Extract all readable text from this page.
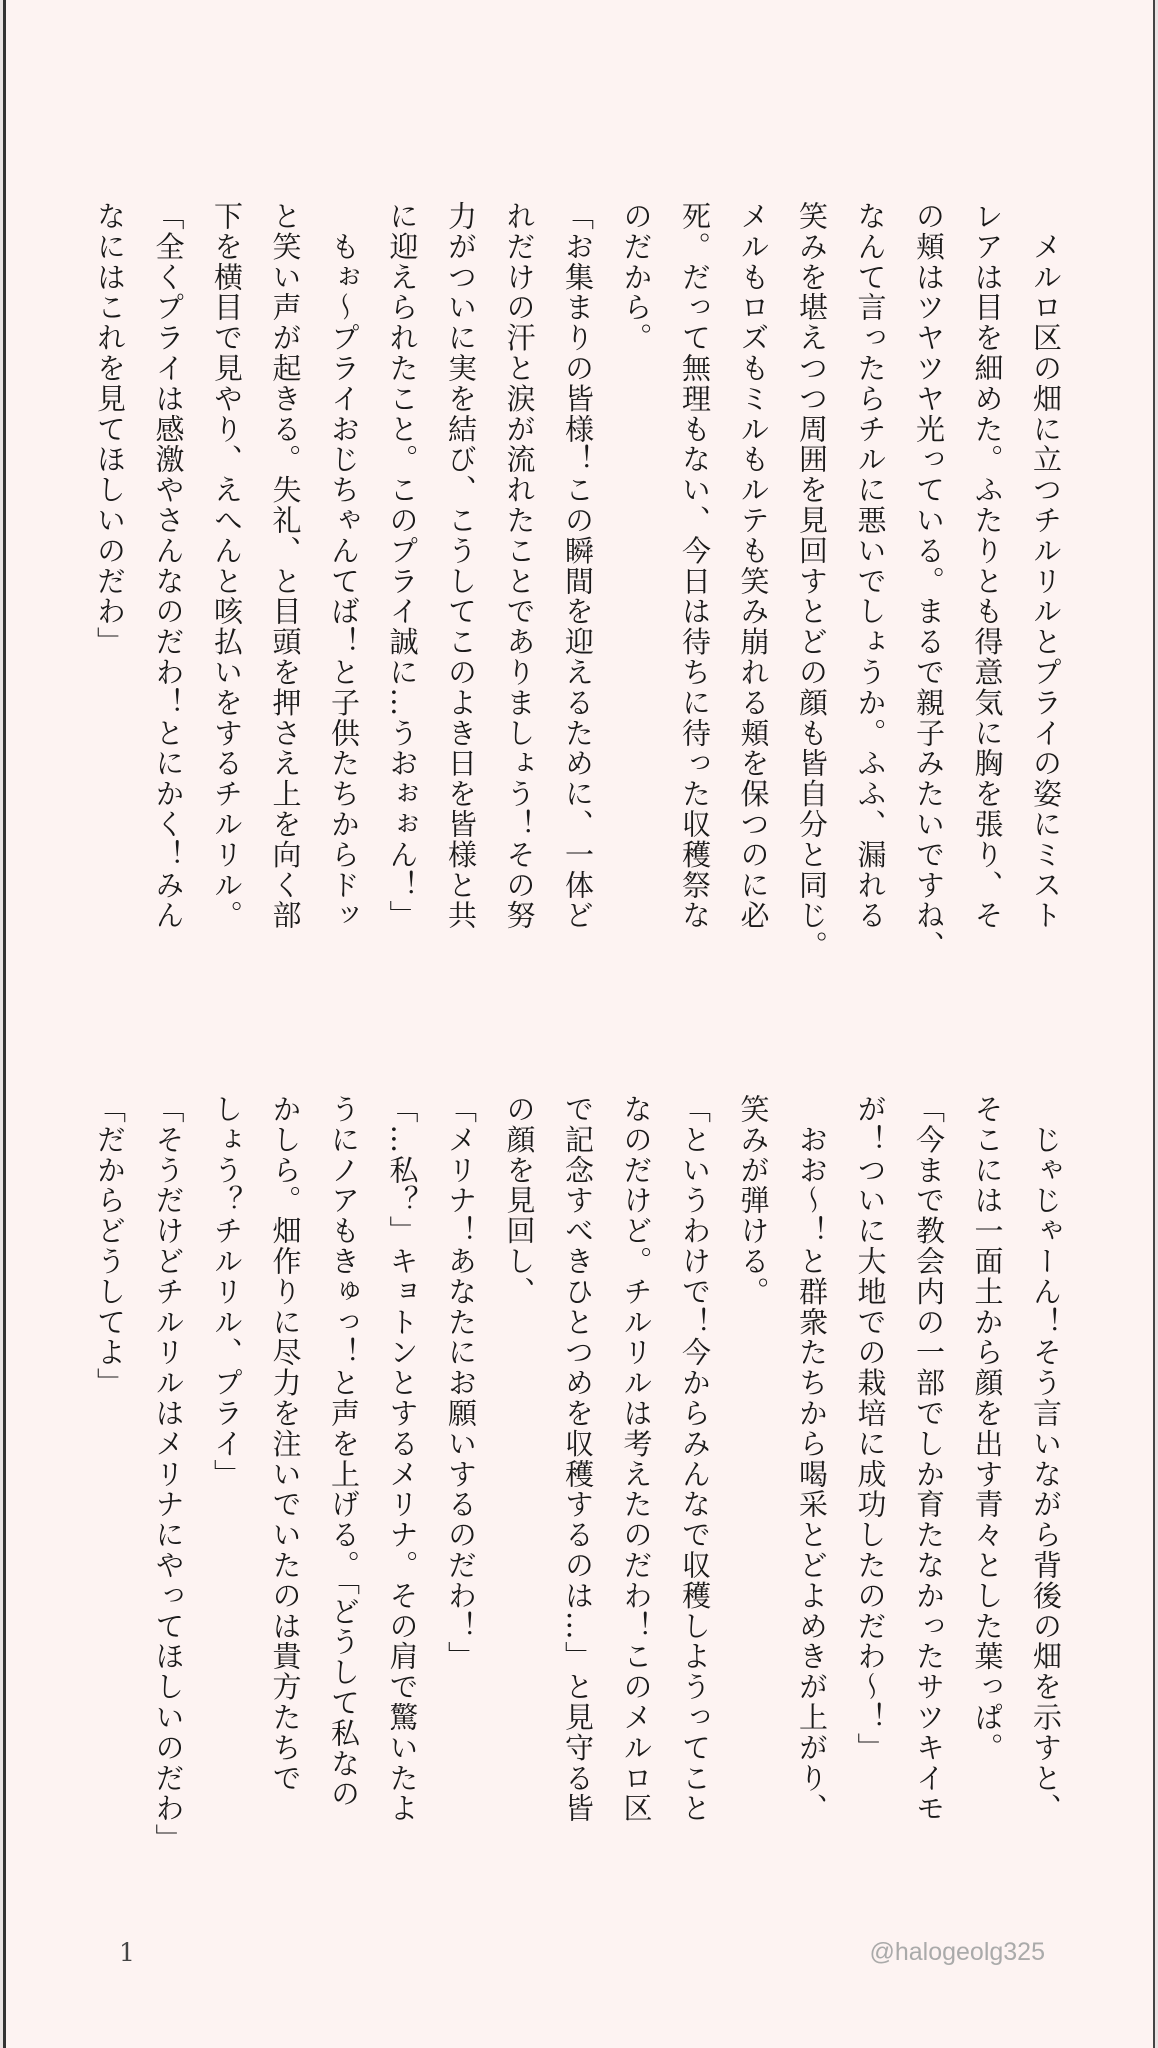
　メルロ区の畑に立つチルリルとプライの姿にミスト
レアは目を細めた。ふたりとも得意気に胸を張り、そ
の頬はツヤツヤ光っている。まるで親子みたいですね、
なんて言ったらチルに悪いでしょうか。ふふ、漏れる
笑みを堪えつつ周囲を見回すとどの顔も皆自分と同じ。
メルもロズもミルもルテも笑み崩れる頬を保つのに必
死。だって無理もない、今日は待ちに待った収穫祭な
のだから。
「お集まりの皆様！この瞬間を迎えるために、一体ど
れだけの汗と涙が流れたことでありましょう！その努
力がついに実を結び、こうしてこのよき日を皆様と共
に迎えられたこと。このプライ誠に…うおぉぉん！」
　もぉ〜プライおじちゃんてば！と子供たちからドッ
と笑い声が起きる。失礼、と目頭を押さえ上を向く部
下を横目で見やり、えへんと咳払いをするチルリル。
「全くプライは感激やさんなのだわ！とにかく！みん
なにはこれを見てほしいのだわ」
　じゃじゃーん！そう言いながら背後の畑を示すと、
そこには一面土から顔を出す青々とした葉っぱ。
「今まで教会内の一部でしか育たなかったサツキイモ
が！ついに大地での栽培に成功したのだわ〜！」
　おお〜！と群衆たちから喝采とどよめきが上がり、
笑みが弾ける。
「というわけで！今からみんなで収穫しようってこと
なのだけど。チルリルは考えたのだわ！このメルロ区
で記念すべきひとつめを収穫するのは…」と見守る皆
の顔を見回し、
「メリナ！あなたにお願いするのだわ！」
「…私？」キョトンとするメリナ。その肩で驚いたよ
うにノアもきゅっ！と声を上げる。「どうして私なの
かしら。畑作りに尽力を注いでいたのは貴方たちで
しょう？チルリル、プライ」
「そうだけどチルリルはメリナにやってほしいのだわ」
「だからどうしてよ」
1	@halogeolg325
